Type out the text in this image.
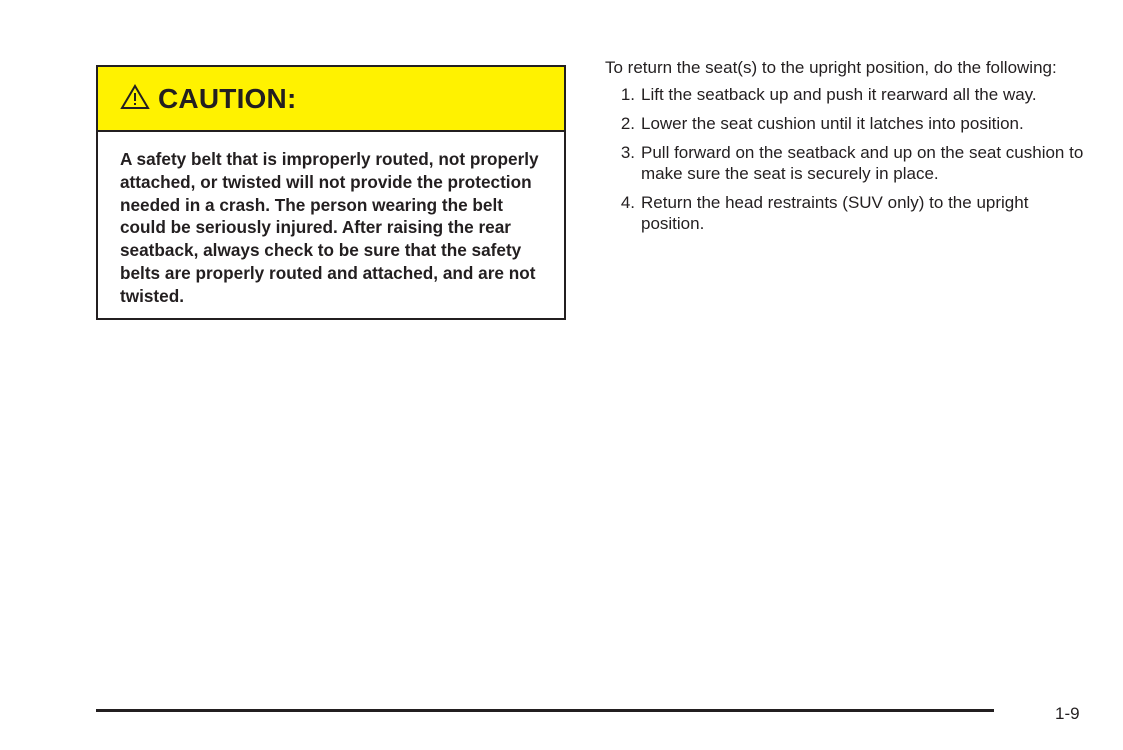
CAUTION:
A safety belt that is improperly routed, not properly attached, or twisted will not provide the protection needed in a crash. The person wearing the belt could be seriously injured. After raising the rear seatback, always check to be sure that the safety belts are properly routed and attached, and are not twisted.

To return the seat(s) to the upright position, do the following:

1. Lift the seatback up and push it rearward all the way.
2. Lower the seat cushion until it latches into position.
3. Pull forward on the seatback and up on the seat cushion to make sure the seat is securely in place.
4. Return the head restraints (SUV only) to the upright position.
1-9
